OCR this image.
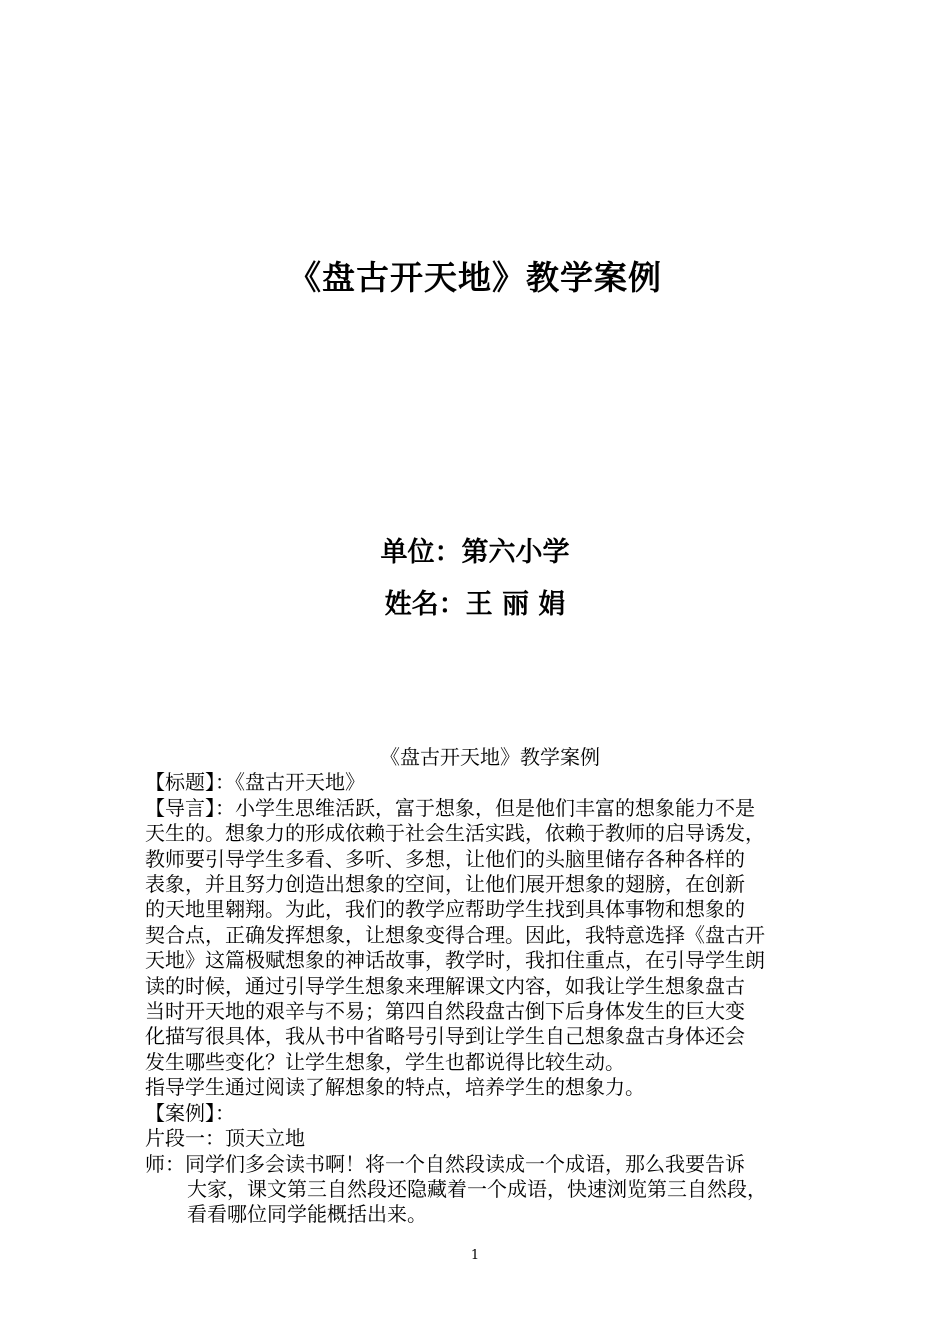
《盘古开天地》教学案例
单位：第六小学
姓名：王 丽 娟
《盘古开天地》教学案例
【标题】：《盘古开天地》
【导言】：小学生思维活跃，富于想象，但是他们丰富的想象能力不是
天生的。想象力的形成依赖于社会生活实践，依赖于教师的启导诱发，
教师要引导学生多看、多听、多想，让他们的头脑里储存各种各样的
表象，并且努力创造出想象的空间，让他们展开想象的翅膀，在创新
的天地里翱翔。为此，我们的教学应帮助学生找到具体事物和想象的
契合点，正确发挥想象，让想象变得合理。因此，我特意选择《盘古开
天地》这篇极赋想象的神话故事，教学时，我扣住重点，在引导学生朗
读的时候，通过引导学生想象来理解课文内容，如我让学生想象盘古
当时开天地的艰辛与不易；第四自然段盘古倒下后身体发生的巨大变
化描写很具体，我从书中省略号引导到让学生自己想象盘古身体还会
发生哪些变化？让学生想象，学生也都说得比较生动。
指导学生通过阅读了解想象的特点，培养学生的想象力。
【案例】：
片段一：顶天立地
师：同学们多会读书啊！将一个自然段读成一个成语，那么我要告诉
大家，课文第三自然段还隐藏着一个成语，快速浏览第三自然段，
看看哪位同学能概括出来。
1
